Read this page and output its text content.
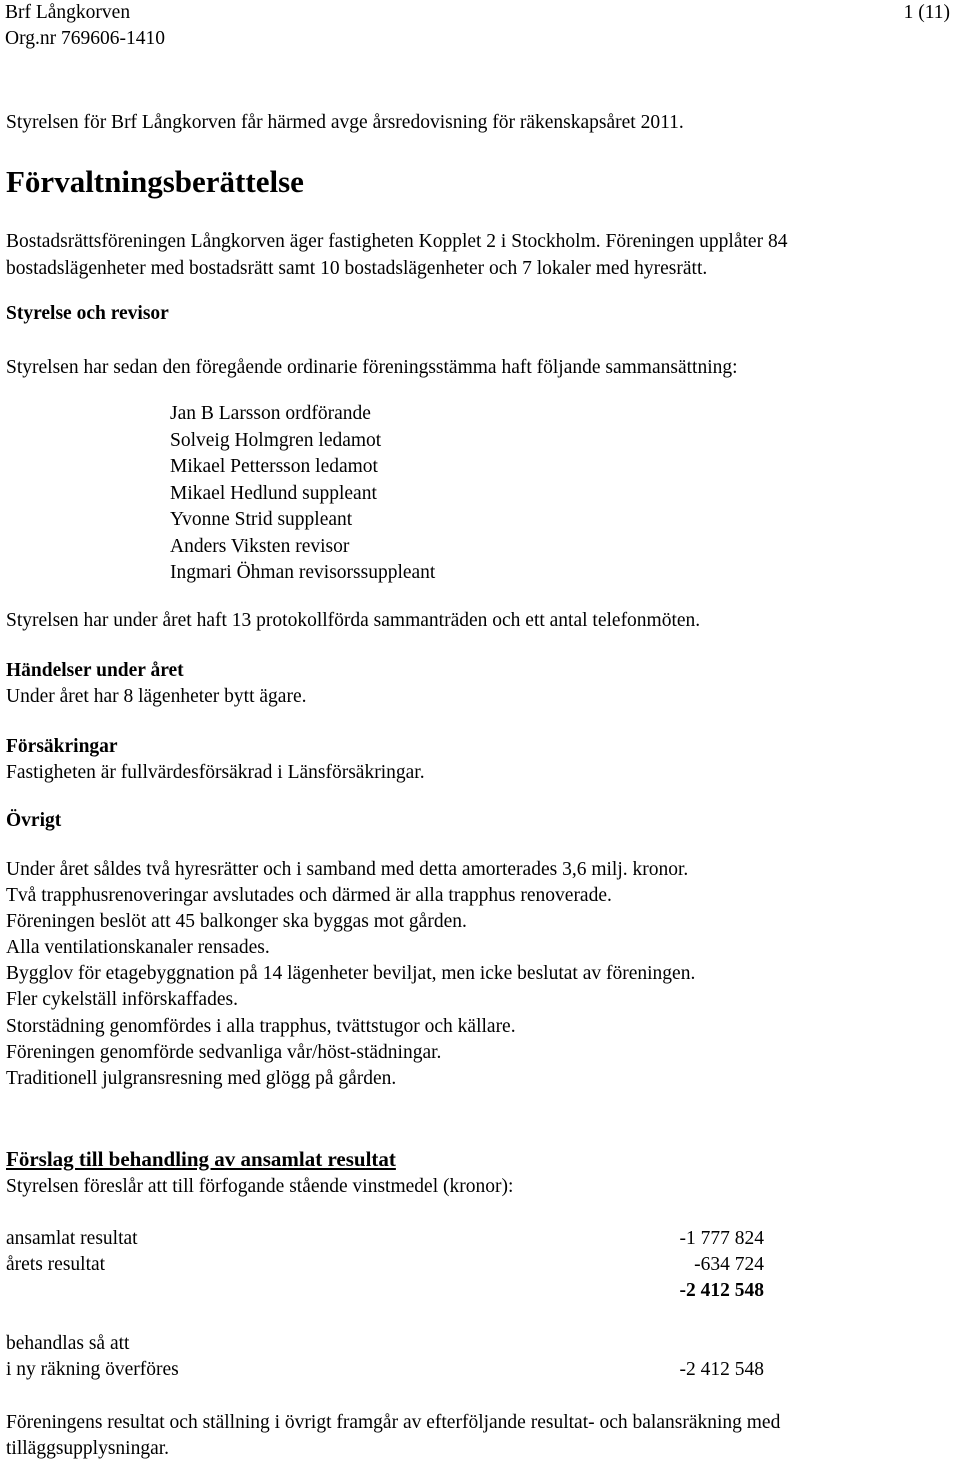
Brf Långkorven
Org.nr 769606-1410
1 (11)
Styrelsen för Brf Långkorven får härmed avge årsredovisning för räkenskapsåret 2011.
Förvaltningsberättelse
Bostadsrättsföreningen Långkorven äger fastigheten Kopplet 2 i Stockholm. Föreningen upplåter 84
bostadslägenheter med bostadsrätt samt 10 bostadslägenheter och 7 lokaler med hyresrätt.
Styrelse och revisor
Styrelsen har sedan den föregående ordinarie föreningsstämma haft följande sammansättning:
Jan B Larsson ordförande
Solveig Holmgren ledamot
Mikael Pettersson ledamot
Mikael Hedlund suppleant
Yvonne Strid suppleant
Anders Viksten revisor
Ingmari Öhman revisorssuppleant
Styrelsen har under året haft 13 protokollförda sammanträden och ett antal telefonmöten.
Händelser under året
Under året har 8 lägenheter bytt ägare.
Försäkringar
Fastigheten är fullvärdesförsäkrad i Länsförsäkringar.
Övrigt
Under året såldes två hyresrätter och i samband med detta amorterades 3,6 milj. kronor.
Två trapphusrenoveringar avslutades och därmed är alla trapphus renoverade.
Föreningen beslöt att 45 balkonger ska byggas mot gården.
Alla ventilationskanaler rensades.
Bygglov för etagebyggnation på 14 lägenheter beviljat, men icke beslutat av föreningen.
Fler cykelställ införskaffades.
Storstädning genomfördes i alla trapphus, tvättstugor och källare.
Föreningen genomförde sedvanliga vår/höst-städningar.
Traditionell julgransresning med glögg på gården.
Förslag till behandling av ansamlat resultat
Styrelsen föreslår att till förfogande stående vinstmedel (kronor):
ansamlat resultat	-1 777 824
årets resultat	-634 724
-2 412 548
behandlas så att
i ny räkning överföres	-2 412 548
Föreningens resultat och ställning i övrigt framgår av efterföljande resultat- och balansräkning med
tilläggsupplysningar.
